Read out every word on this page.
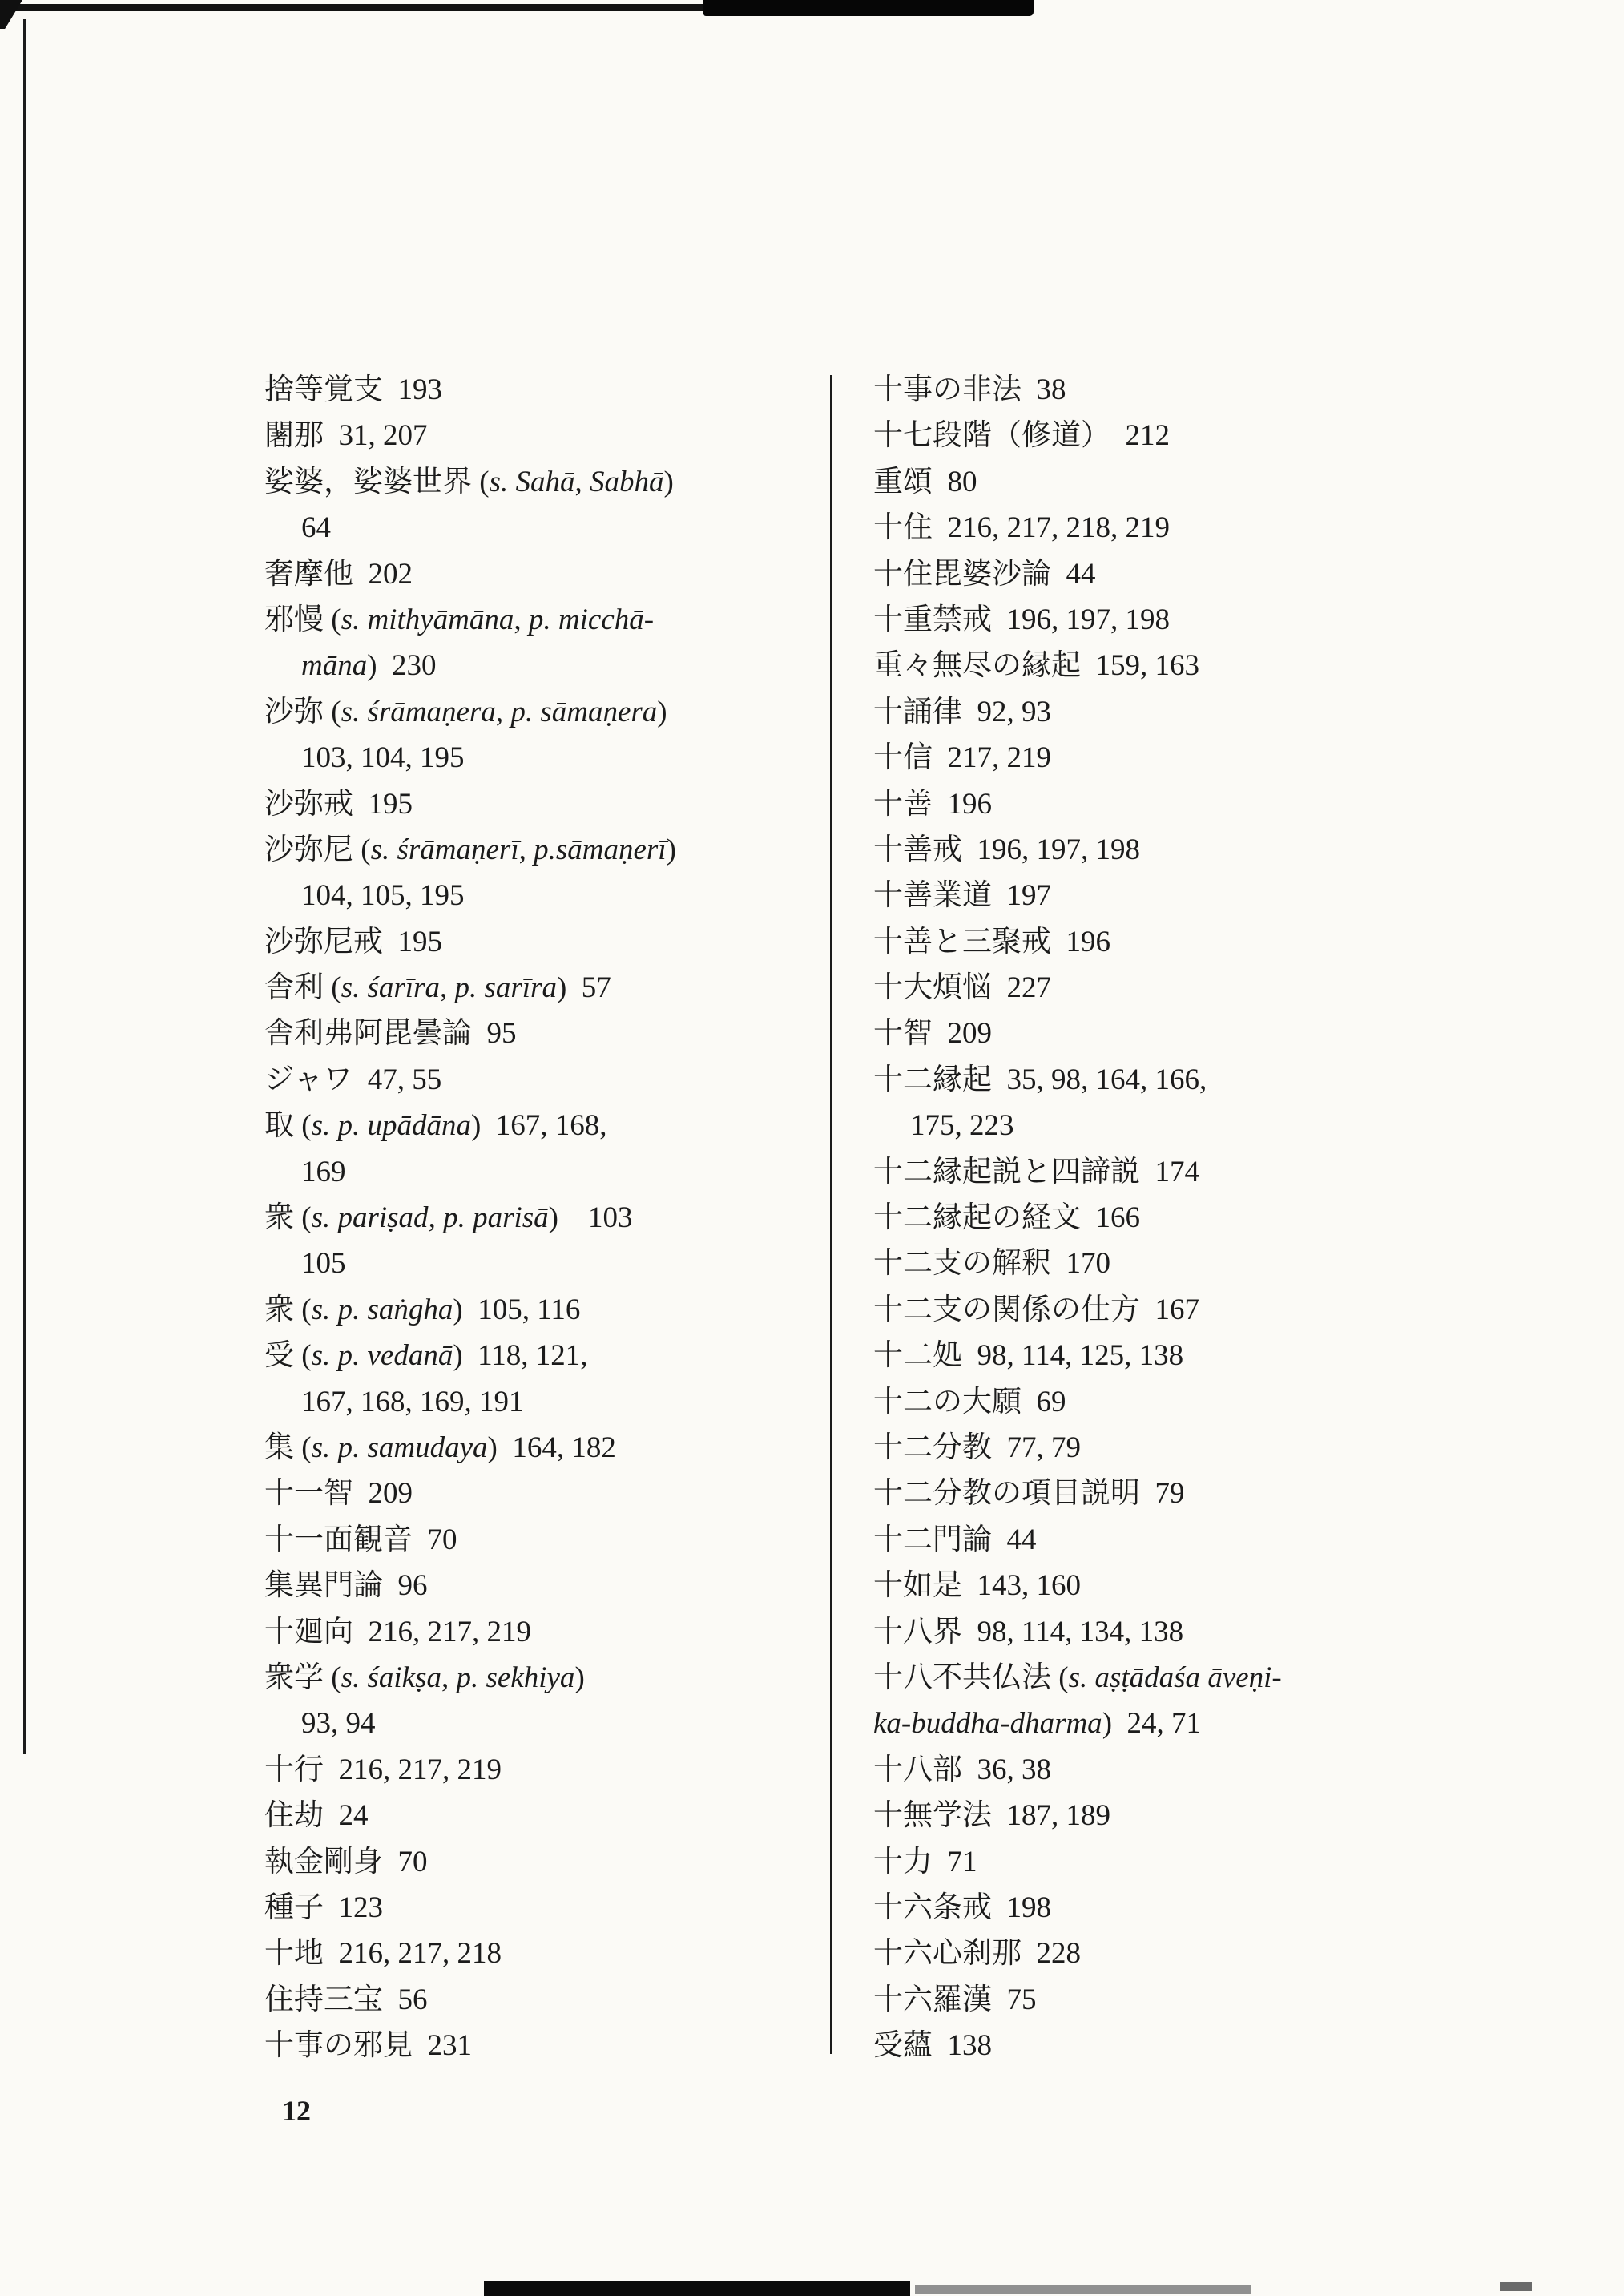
捨等覚支  193
闍那  31, 207
娑婆，娑婆世界 (s. Sahā, Sabhā)
64
奢摩他  202
邪慢 (s. mithyāmāna, p. micchā-
māna)  230
沙弥 (s. śrāmaṇera, p. sāmaṇera)
103, 104, 195
沙弥戒  195
沙弥尼 (s. śrāmaṇerī, p.sāmaṇerī)
104, 105, 195
沙弥尼戒  195
舎利 (s. śarīra, p. sarīra)  57
舎利弗阿毘曇論  95
ジャワ  47, 55
取 (s. p. upādāna)  167, 168,
169
衆 (s. pariṣad, p. parisā)    103
105
衆 (s. p. saṅgha)  105, 116
受 (s. p. vedanā)  118, 121,
167, 168, 169, 191
集 (s. p. samudaya)  164, 182
十一智  209
十一面観音  70
集異門論  96
十廻向  216, 217, 219
衆学 (s. śaikṣa, p. sekhiya)
93, 94
十行  216, 217, 219
住劫  24
執金剛身  70
種子  123
十地  216, 217, 218
住持三宝  56
十事の邪見  231
十事の非法  38
十七段階（修道）  212
重頌  80
十住  216, 217, 218, 219
十住毘婆沙論  44
十重禁戒  196, 197, 198
重々無尽の縁起  159, 163
十誦律  92, 93
十信  217, 219
十善  196
十善戒  196, 197, 198
十善業道  197
十善と三聚戒  196
十大煩悩  227
十智  209
十二縁起  35, 98, 164, 166,
175, 223
十二縁起説と四諦説  174
十二縁起の経文  166
十二支の解釈  170
十二支の関係の仕方  167
十二処  98, 114, 125, 138
十二の大願  69
十二分教  77, 79
十二分教の項目説明  79
十二門論  44
十如是  143, 160
十八界  98, 114, 134, 138
十八不共仏法 (s. aṣṭādaśa āveṇi-
ka-buddha-dharma)  24, 71
十八部  36, 38
十無学法  187, 189
十力  71
十六条戒  198
十六心刹那  228
十六羅漢  75
受蘊  138
12
